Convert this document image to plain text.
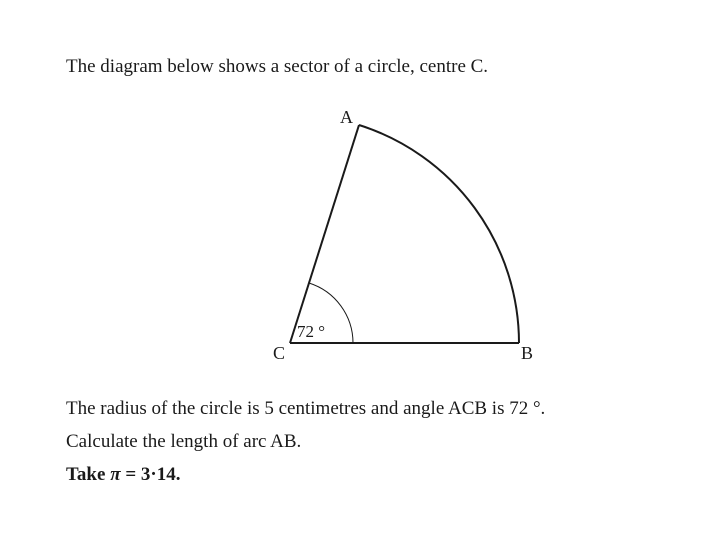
The diagram below shows a sector of a circle, centre C.

A
B
C
72 °

The radius of the circle is 5 centimetres and angle ACB is 72 °.

Calculate the length of arc AB.

Take π = 3·14.
